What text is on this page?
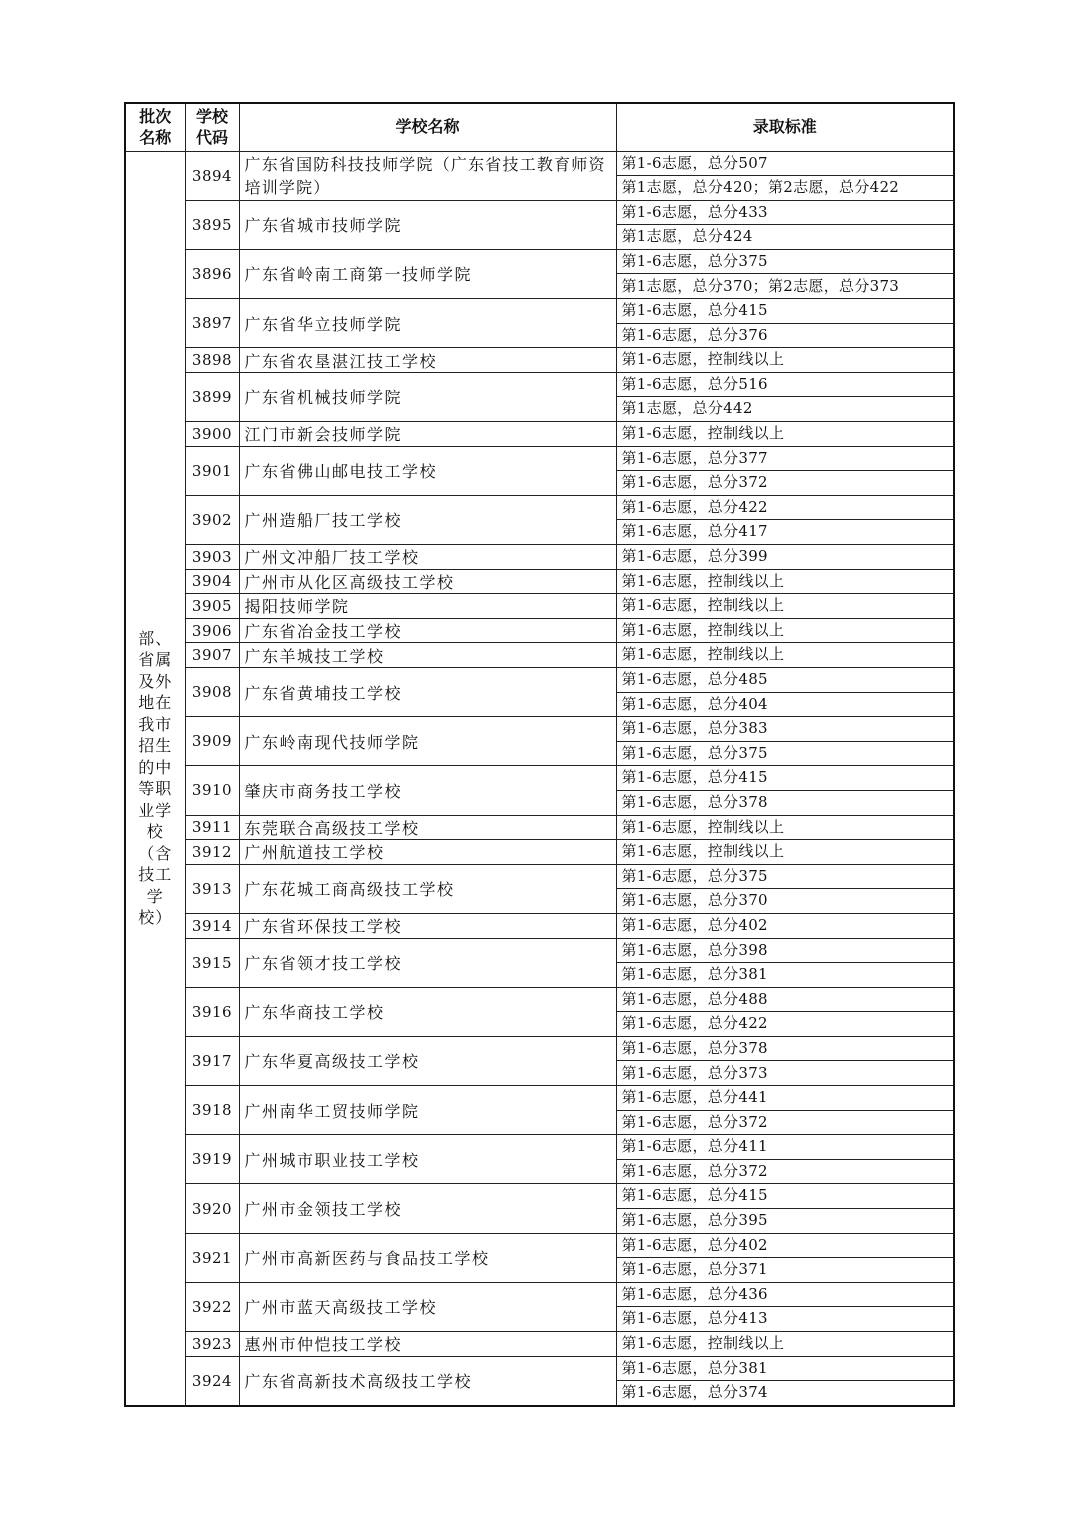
批次名称	学校代码	学校名称	录取标准
部、省属及外地在我市招生的中等职业学校（含技工学校）	3894	广东省国防科技技师学院（广东省技工教育师资培训学院）	第1-6志愿，总分507
			第1志愿，总分420；第2志愿，总分422
	3895	广东省城市技师学院	第1-6志愿，总分433
			第1志愿，总分424
	3896	广东省岭南工商第一技师学院	第1-6志愿，总分375
			第1志愿，总分370；第2志愿，总分373
	3897	广东省华立技师学院	第1-6志愿，总分415
			第1-6志愿，总分376
	3898	广东省农垦湛江技工学校	第1-6志愿，控制线以上
	3899	广东省机械技师学院	第1-6志愿，总分516
			第1志愿，总分442
	3900	江门市新会技师学院	第1-6志愿，控制线以上
	3901	广东省佛山邮电技工学校	第1-6志愿，总分377
			第1-6志愿，总分372
	3902	广州造船厂技工学校	第1-6志愿，总分422
			第1-6志愿，总分417
	3903	广州文冲船厂技工学校	第1-6志愿，总分399
	3904	广州市从化区高级技工学校	第1-6志愿，控制线以上
	3905	揭阳技师学院	第1-6志愿，控制线以上
	3906	广东省冶金技工学校	第1-6志愿，控制线以上
	3907	广东羊城技工学校	第1-6志愿，控制线以上
	3908	广东省黄埔技工学校	第1-6志愿，总分485
			第1-6志愿，总分404
	3909	广东岭南现代技师学院	第1-6志愿，总分383
			第1-6志愿，总分375
	3910	肇庆市商务技工学校	第1-6志愿，总分415
			第1-6志愿，总分378
	3911	东莞联合高级技工学校	第1-6志愿，控制线以上
	3912	广州航道技工学校	第1-6志愿，控制线以上
	3913	广东花城工商高级技工学校	第1-6志愿，总分375
			第1-6志愿，总分370
	3914	广东省环保技工学校	第1-6志愿，总分402
	3915	广东省领才技工学校	第1-6志愿，总分398
			第1-6志愿，总分381
	3916	广东华商技工学校	第1-6志愿，总分488
			第1-6志愿，总分422
	3917	广东华夏高级技工学校	第1-6志愿，总分378
			第1-6志愿，总分373
	3918	广州南华工贸技师学院	第1-6志愿，总分441
			第1-6志愿，总分372
	3919	广州城市职业技工学校	第1-6志愿，总分411
			第1-6志愿，总分372
	3920	广州市金领技工学校	第1-6志愿，总分415
			第1-6志愿，总分395
	3921	广州市高新医药与食品技工学校	第1-6志愿，总分402
			第1-6志愿，总分371
	3922	广州市蓝天高级技工学校	第1-6志愿，总分436
			第1-6志愿，总分413
	3923	惠州市仲恺技工学校	第1-6志愿，控制线以上
	3924	广东省高新技术高级技工学校	第1-6志愿，总分381
			第1-6志愿，总分374
